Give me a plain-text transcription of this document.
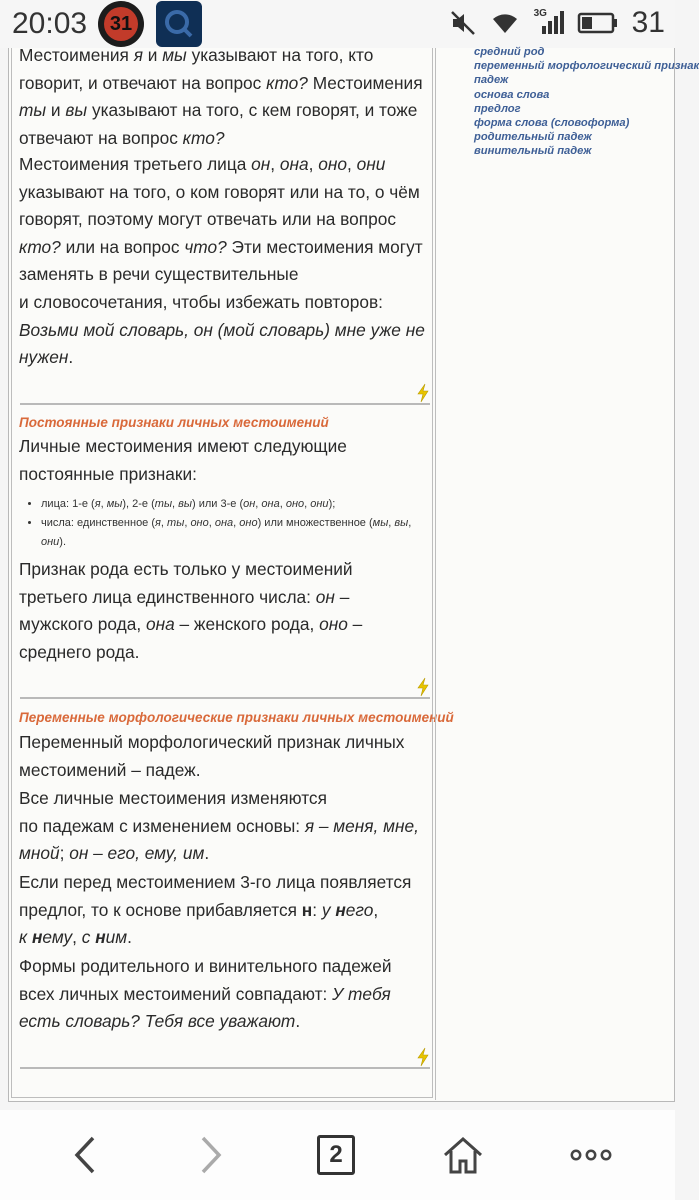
20:03 31	3G	31

Местоимения я и мы указывают на того, кто говорит, и отвечают на вопрос кто? Местоимения ты и вы указывают на того, с кем говорят, и тоже отвечают на вопрос кто?

Местоимения третьего лица он, она, оно, они указывают на того, о ком говорят или на то, о чём говорят, поэтому могут отвечать или на вопрос кто? или на вопрос что? Эти местоимения могут заменять в речи существительные
и словосочетания, чтобы избежать повторов: Возьми мой словарь, он (мой словарь) мне уже не нужен.

Постоянные признаки личных местоимений

Личные местоимения имеют следующие постоянные признаки:

• лица: 1-е (я, мы), 2-е (ты, вы) или 3-е (он, она, оно, они);
• числа: единственное (я, ты, оно, она, оно) или множественное (мы, вы, они).

Признак рода есть только у местоимений третьего лица единственного числа: он – мужского рода, она – женского рода, оно – среднего рода.

Переменные морфологические признаки личных местоимений

Переменный морфологический признак личных местоимений – падеж.

Все личные местоимения изменяются
по падежам с изменением основы: я – меня, мне, мной; он – его, ему, им.

Если перед местоимением 3-го лица появляется предлог, то к основе прибавляется н: у него,
к нему, с ним.

Формы родительного и винительного падежей всех личных местоимений совпадают: У тебя есть словарь? Тебя все уважают.

средний род
переменный морфологический признак
падеж
основа слова
предлог
форма слова (словоформа)
родительный падеж
винительный падеж
2
